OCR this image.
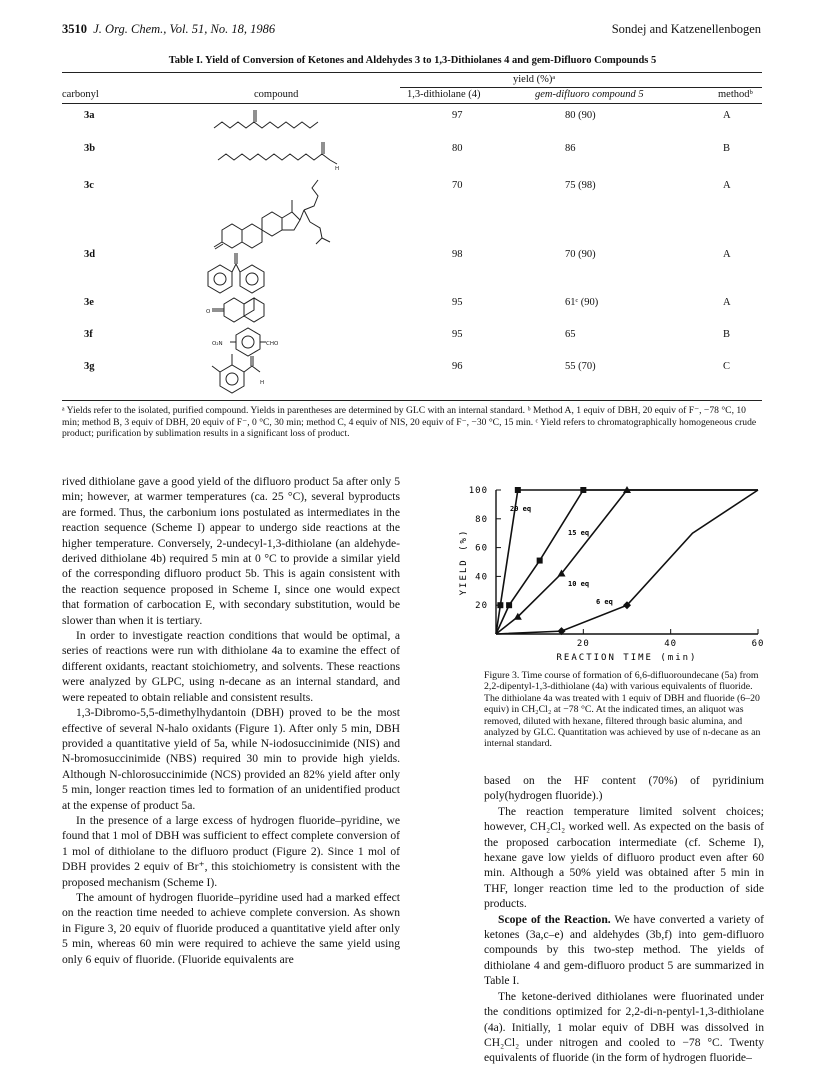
3510 J. Org. Chem., Vol. 51, No. 18, 1986	Sondej and Katzenellenbogen
Table I. Yield of Conversion of Ketones and Aldehydes 3 to 1,3-Dithiolanes 4 and gem-Difluoro Compounds 5
yield (%)ᵃ
carbonyl	compound	1,3-dithiolane (4)	gem-difluoro compound 5	methodᵇ
3a	97	80 (90)	A
3b	80	86	B
3c	70	75 (98)	A
3d	98	70 (90)	A
3e	95	61ᶜ (90)	A
3f	95	65	B
3g	96	55 (70)	C
H
O
O₂N	CHO
H
ᵃ Yields refer to the isolated, purified compound. Yields in parentheses are determined by GLC with an internal standard. ᵇ Method A, 1 equiv of DBH, 20 equiv of F⁻, −78 °C, 10 min; method B, 3 equiv of DBH, 20 equiv of F⁻, 0 °C, 30 min; method C, 4 equiv of NIS, 20 equiv of F⁻, −30 °C, 15 min. ᶜ Yield refers to chromatographically homogeneous crude product; purification by sublimation results in a significant loss of product.

rived dithiolane gave a good yield of the difluoro product 5a after only 5 min; however, at warmer temperatures (ca. 25 °C), several byproducts are formed. Thus, the carbonium ions postulated as intermediates in the reaction sequence (Scheme I) appear to undergo side reactions at the higher temperature. Conversely, 2-undecyl-1,3-dithiolane (an aldehyde-derived dithiolane 4b) required 5 min at 0 °C to provide a similar yield of the corresponding difluoro product 5b. This is again consistent with the reaction sequence proposed in Scheme I, since one would expect that formation of carbocation E, with secondary substitution, would be slower than when it is tertiary.

In order to investigate reaction conditions that would be optimal, a series of reactions were run with dithiolane 4a to examine the effect of different oxidants, reactant stoichiometry, and solvents. These reactions were analyzed by GLPC, using n-decane as an internal standard, and were repeated to obtain reliable and consistent results.

1,3-Dibromo-5,5-dimethylhydantoin (DBH) proved to be the most effective of several N-halo oxidants (Figure 1). After only 5 min, DBH provided a quantitative yield of 5a, while N-iodosuccinimide (NIS) and N-bromosuccinimide (NBS) required 30 min to provide high yields. Although N-chlorosuccinimide (NCS) provided an 82% yield after only 5 min, longer reaction times led to formation of an unidentified product at the expense of product 5a.

In the presence of a large excess of hydrogen fluoride–pyridine, we found that 1 mol of DBH was sufficient to effect complete conversion of 1 mol of dithiolane to the difluoro product (Figure 2). Since 1 mol of DBH provides 2 equiv of Br⁺, this stoichiometry is consistent with the proposed mechanism (Scheme I).

The amount of hydrogen fluoride–pyridine used had a marked effect on the reaction time needed to achieve complete conversion. As shown in Figure 3, 20 equiv of fluoride produced a quantitative yield after only 5 min, whereas 60 min were required to achieve the same yield using only 6 equiv of fluoride. (Fluoride equivalents are

20
40
60
80
100
20	40	60
REACTION TIME (min)
YIELD (%)
20 eq
15 eq
10 eq
6 eq
Figure 3. Time course of formation of 6,6-difluoroundecane (5a) from 2,2-dipentyl-1,3-dithiolane (4a) with various equivalents of fluoride. The dithiolane 4a was treated with 1 equiv of DBH and fluoride (6–20 equiv) in CH₂Cl₂ at −78 °C. At the indicated times, an aliquot was removed, diluted with hexane, filtered through basic alumina, and analyzed by GLC. Quantitation was achieved by use of n-decane as an internal standard.

based on the HF content (70%) of pyridinium poly(hydrogen fluoride).)

The reaction temperature limited solvent choices; however, CH₂Cl₂ worked well. As expected on the basis of the proposed carbocation intermediate (cf. Scheme I), hexane gave low yields of difluoro product even after 60 min. Although a 50% yield was obtained after 5 min in THF, longer reaction time led to the production of side products.

Scope of the Reaction. We have converted a variety of ketones (3a,c–e) and aldehydes (3b,f) into gem-difluoro compounds by this two-step method. The yields of dithiolane 4 and gem-difluoro product 5 are summarized in Table I.

The ketone-derived dithiolanes were fluorinated under the conditions optimized for 2,2-di-n-pentyl-1,3-dithiolane (4a). Initially, 1 molar equiv of DBH was dissolved in CH₂Cl₂ under nitrogen and cooled to −78 °C. Twenty equivalents of fluoride (in the form of hydrogen fluoride–
